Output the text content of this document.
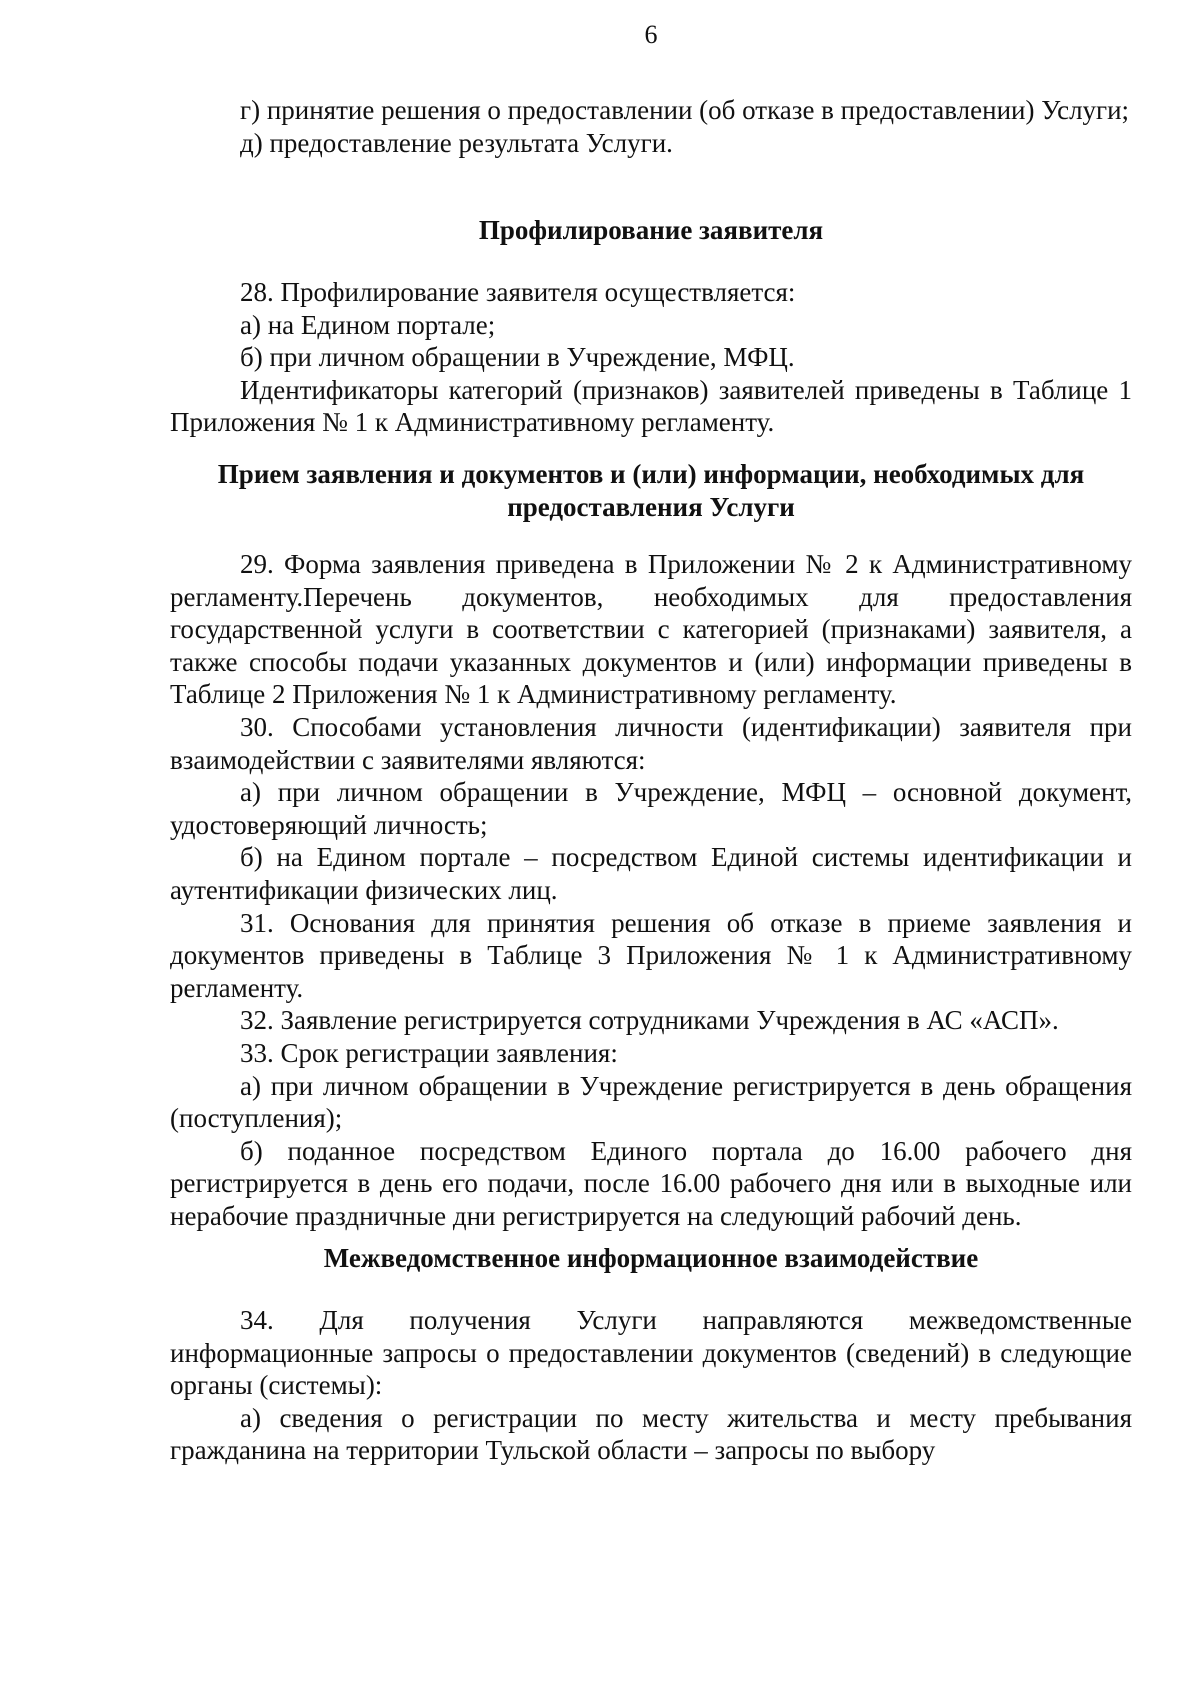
6

г) принятие решения о предоставлении (об отказе в предоставлении) Услуги;

д) предоставление результата Услуги.

Профилирование заявителя

28. Профилирование заявителя осуществляется:

а) на Едином портале;

б) при личном обращении в Учреждение, МФЦ.

Идентификаторы категорий (признаков) заявителей приведены в Таблице 1 Приложения № 1 к Административному регламенту.

Прием заявления и документов и (или) информации, необходимых для предоставления Услуги

29. Форма заявления приведена в Приложении № 2 к Административному регламенту.Перечень документов, необходимых для предоставления государственной услуги в соответствии с категорией (признаками) заявителя, а также способы подачи указанных документов и (или) информации приведены в Таблице 2 Приложения № 1 к Административному регламенту.

30. Способами установления личности (идентификации) заявителя при взаимодействии с заявителями являются:

а) при личном обращении в Учреждение, МФЦ – основной документ, удостоверяющий личность;

б) на Едином портале – посредством Единой системы идентификации и аутентификации физических лиц.

31. Основания для принятия решения об отказе в приеме заявления и документов приведены в Таблице 3 Приложения № 1 к Административному регламенту.

32. Заявление регистрируется сотрудниками Учреждения в АС «АСП».

33. Срок регистрации заявления:

а) при личном обращении в Учреждение регистрируется в день обращения (поступления);

б) поданное посредством Единого портала до 16.00 рабочего дня регистрируется в день его подачи, после 16.00 рабочего дня или в выходные или нерабочие праздничные дни регистрируется на следующий рабочий день.

Межведомственное информационное взаимодействие

34. Для получения Услуги направляются межведомственные информационные запросы о предоставлении документов (сведений) в следующие органы (системы):

а) сведения о регистрации по месту жительства и месту пребывания гражданина на территории Тульской области – запросы по выбору
